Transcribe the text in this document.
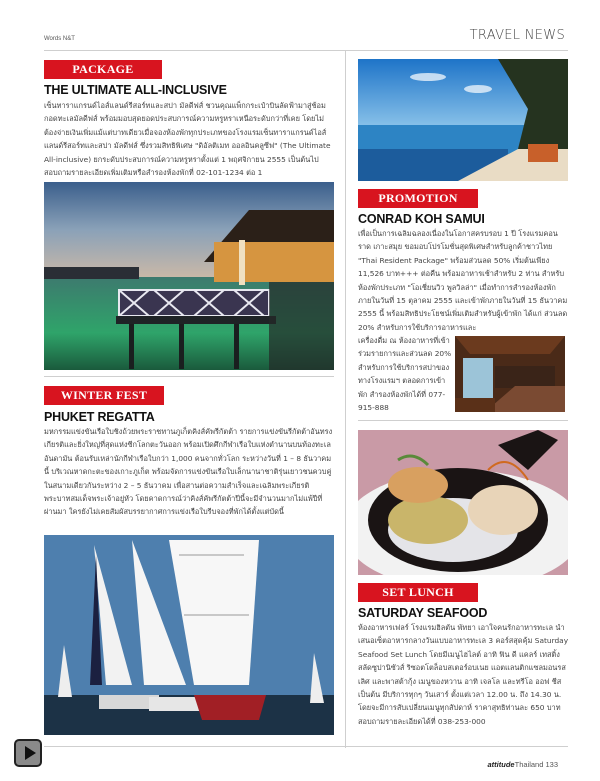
Words N&T	TRAVEL NEWS
PACKAGE
THE ULTIMATE ALL-INCLUSIVE
เซ็นทาราแกรนด์ไอส์แลนด์รีสอร์ทและสปา มัลดีฟส์ ชวนคุณแพ็กกระเป๋าบินลัดฟ้ามาสู่ช้อมกอดทะเลมัลดีฟส์ พร้อมมอบสุดยอดประสบการณ์ความหรูหราเหนือระดับกว่าที่เคย โดยไม่ต้องจ่ายเงินเพิ่มแม้แต่บาทเดียวเมื่อจองห้องพักทุกประเภทของโรงแรมเซ็นทาราแกรนด์ไอส์แลนด์รีสอร์ทและสปา มัลดีฟส์ ซึ่งรวมสิทธิพิเศษ "ดิอัลติเมท ออลอินคลูซีฟ" (The Ultimate All-inclusive) ยกระดับประสบการณ์ความหรูหราตั้งแต่ 1 พฤศจิกายน 2555 เป็นต้นไป สอบถามรายละเอียดเพิ่มเติมหรือสำรองห้องพักที่ 02-101-1234 ต่อ 1
WINTER FEST
PHUKET REGATTA
มหกรรมแข่งขันเรือใบชิงถ้วยพระราชทานภูเก็ตคิงส์คัพรีกัตต้า รายการแข่งขันรีกัตต้าอันทรงเกียรติและยิ่งใหญ่ที่สุดแห่งซีกโลกตะวันออก พร้อมเปิดศึกกีฬาเรือใบแห่งตำนานบนท้องทะเลอันดามัน ต้อนรับเหล่านักกีฬาเรือใบกว่า 1,000 คนจากทั่วโลก ระหว่างวันที่ 1 – 8 ธันวาคมนี้ บริเวณหาดกะตะของเกาะภูเก็ต พร้อมจัดการแข่งขันเรือใบเล็กนานาชาติรุ่นเยาวชนควบคู่ในสนามเดียวกันระหว่าง 2 – 5 ธันวาคม เพื่อสานต่อความสำเร็จและเฉลิมพระเกียรติพระบาทสมเด็จพระเจ้าอยู่หัว โดยคาดการณ์ว่าคิงส์คัพรีกัตต้าปีนี้จะมีจำนวนมากไม่แพ้ปีที่ผ่านมา ใครยังไม่เคยสัมผัสบรรยากาศการแข่งเรือใบรีบจองที่พักได้ตั้งแต่บัดนี้
PROMOTION
CONRAD KOH SAMUI
เพื่อเป็นการเฉลิมฉลองเนื่องในโอกาสครบรอบ 1 ปี โรงแรมคอนราด เกาะสมุย ขอมอบโปรโมชั่นสุดพิเศษสำหรับลูกค้าชาวไทย "Thai Resident Package" พร้อมส่วนลด 50% เริ่มต้นเพียง 11,526 บาท+++ ต่อคืน พร้อมอาหารเช้าสำหรับ 2 ท่าน สำหรับห้องพักประเภท "โอเชี่ยนวิว พูลวิลล่า" เมื่อทำการสำรองห้องพักภายในวันที่ 15 ตุลาคม 2555 และเข้าพักภายในวันที่ 15 ธันวาคม 2555 นี้ พร้อมสิทธิประโยชน์เพิ่มเติมสำหรับผู้เข้าพัก ได้แก่ ส่วนลด 20% สำหรับการใช้บริการอาหารและ
เครื่องดื่ม ณ ห้องอาหารที่เข้าร่วมรายการและส่วนลด 20% สำหรับการใช้บริการสปาของทางโรงแรมฯ ตลอดการเข้าพัก สำรองห้องพักได้ที่ 077-915-888
SET LUNCH
SATURDAY SEAFOOD
ห้องอาหารเฟลร์ โรงแรมฮิลตัน พัทยา เอาใจคนรักอาหารทะเล นำเสนอเซ็ตอาหารกลางวันแบบอาหารทะเล 3 คอร์สสุดคุ้ม Saturday Seafood Set Lunch โดยมีเมนูไฮไลต์ อาทิ ฟิน ดี แคลร์ เทสติ้ง สลัดซูปานิซัวส์ ริซอตโตล็อบสเตอร์อบเนย แอตแลนติกแซลมอนรสเลิศ และพาสต้ากุ้ง เมนูของหวาน อาทิ เจลโล และทรีโอ ออฟ ชีส เป็นต้น มีบริการทุกๆ วันเสาร์ ตั้งแต่เวลา 12.00 น. ถึง 14.30 น. โดยจะมีการสับเปลี่ยนเมนูทุกสัปดาห์ ราคาสุทธิท่านละ 650 บาท สอบถามรายละเอียดได้ที่ 038-253-000
attitudeThailand 133
